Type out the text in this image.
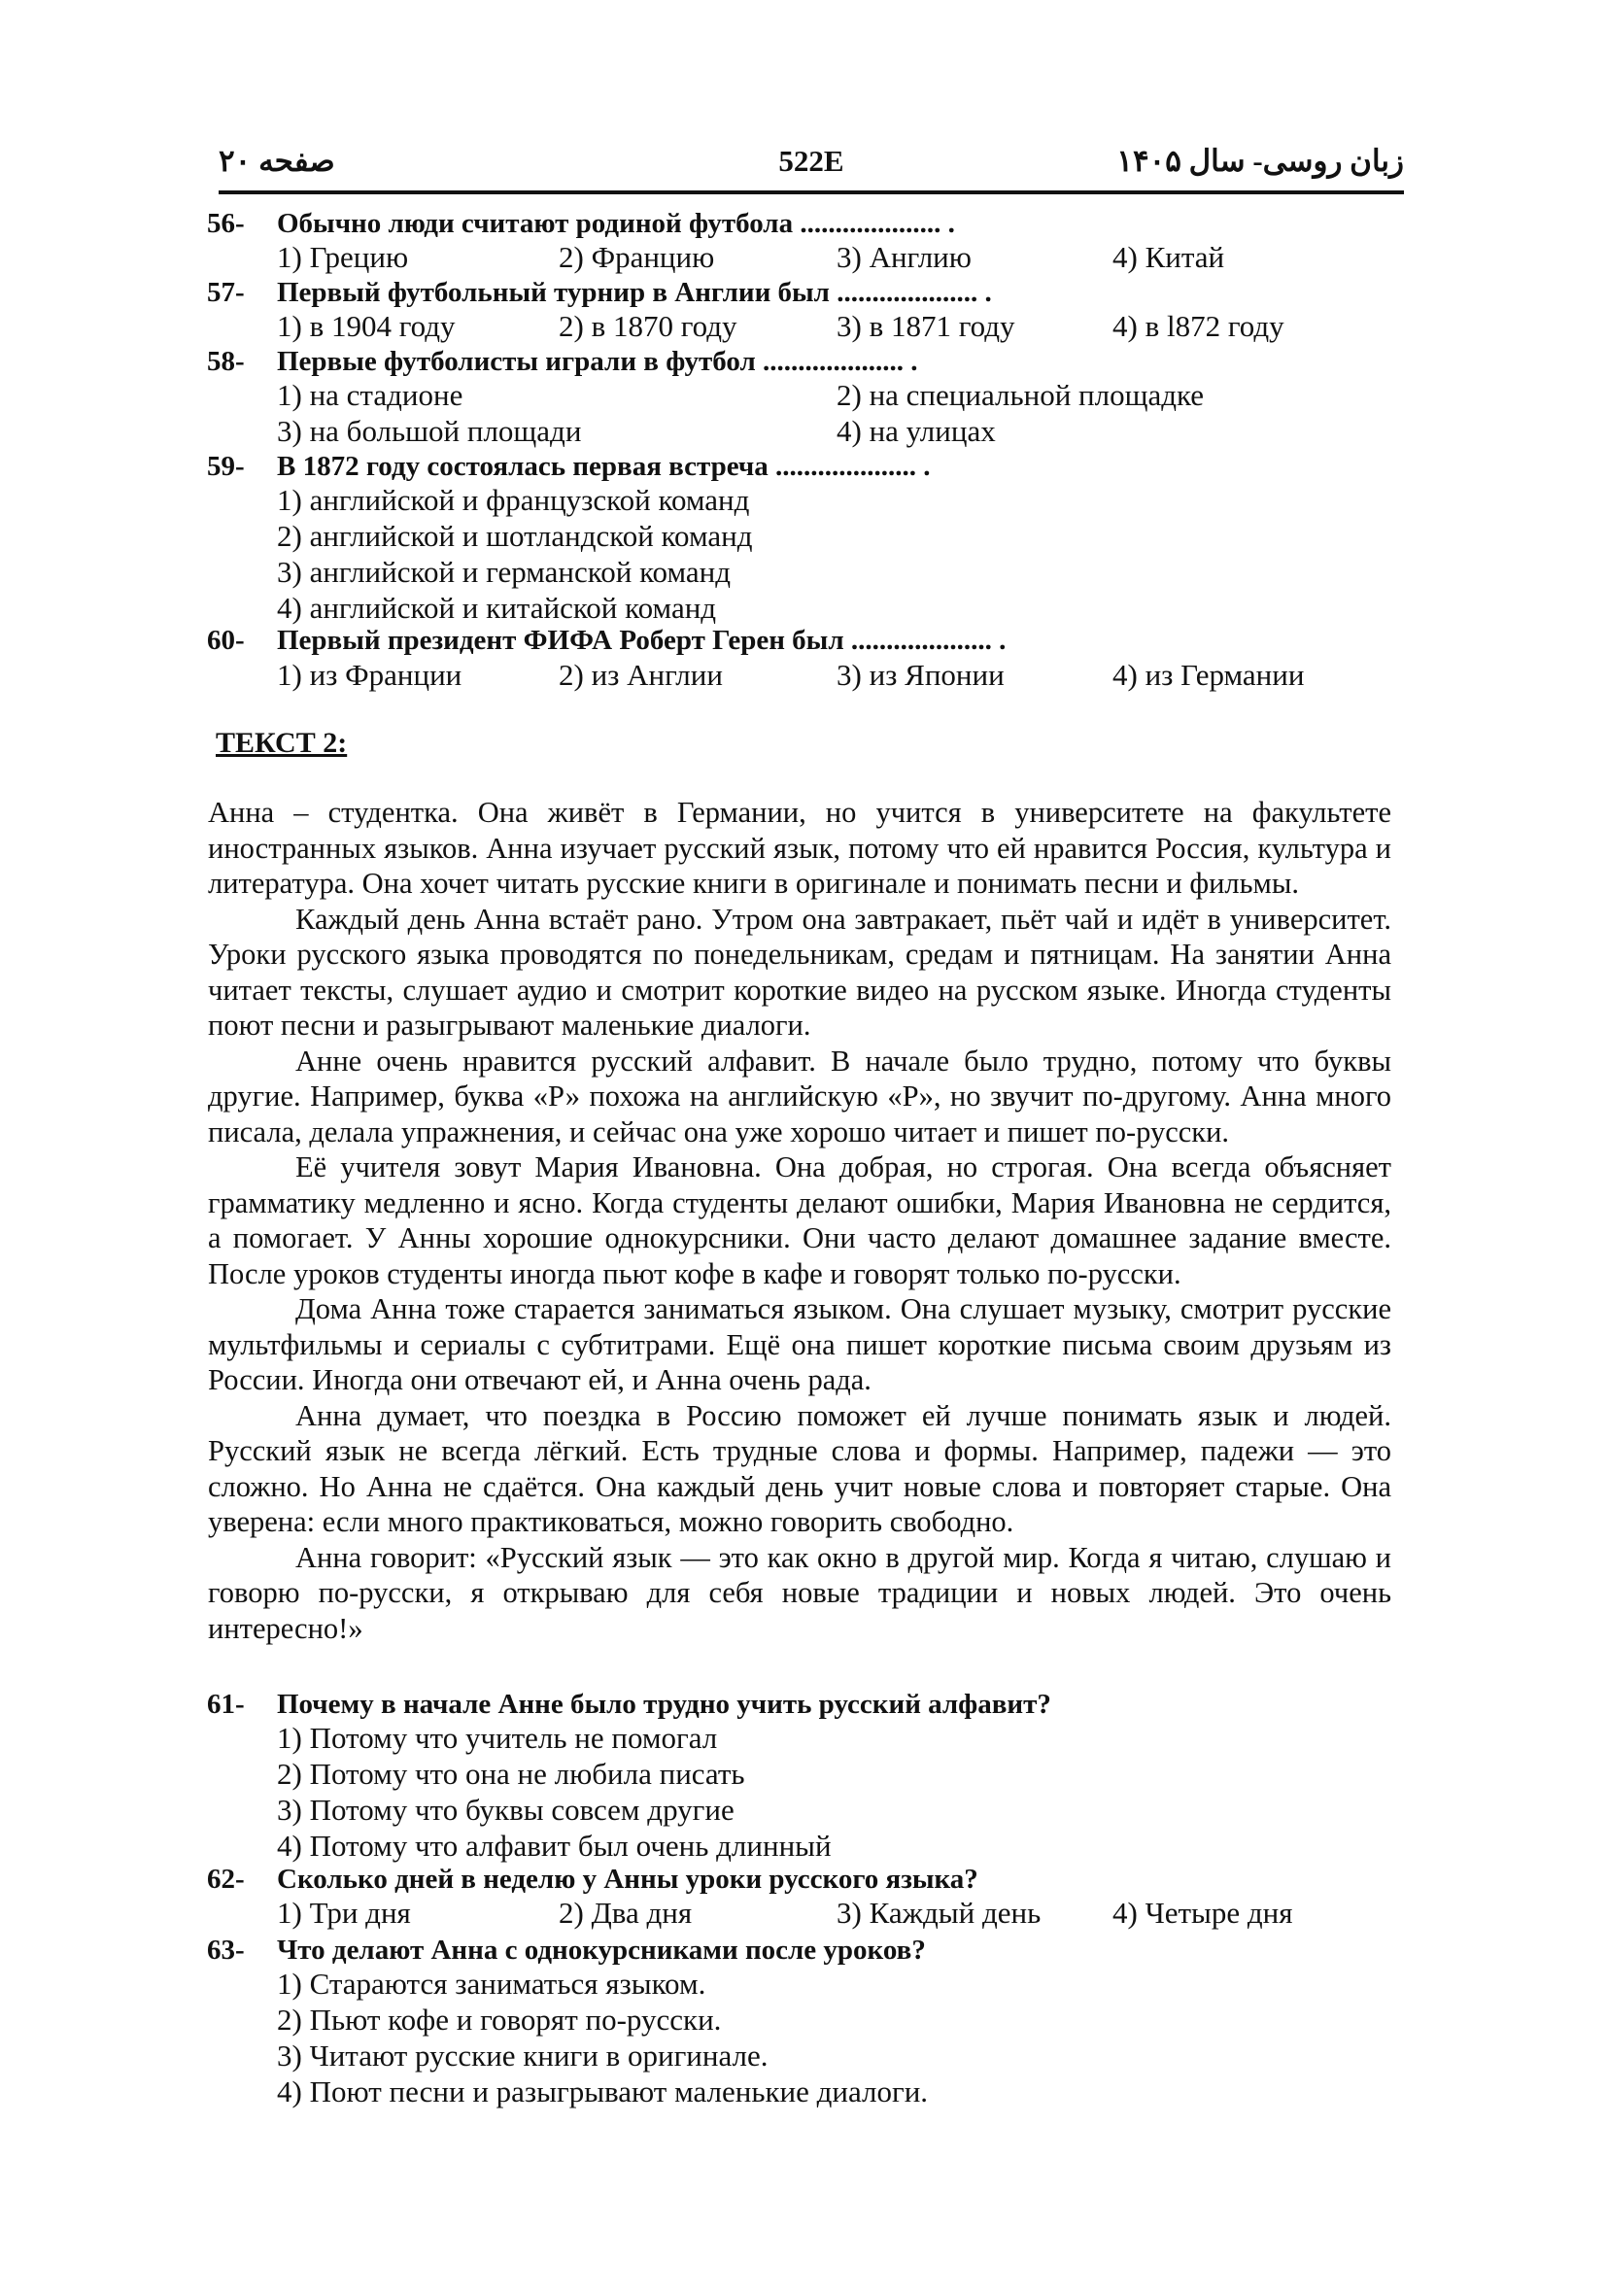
صفحه ۲۰	522E	زبان روسی- سال ۱۴۰۵
56- Обычно люди считают родиной футбола .................... .
1) Грецию	2) Францию	3) Англию	4) Китай
57- Первый футбольный турнир в Англии был .................... .
1) в 1904 году	2) в 1870 году	3) в 1871 году	4) в l872 году
58- Первые футболисты играли в футбол .................... .
1) на стадионе	2) на специальной площадке
3) на большой площади	4) на улицах
59- В 1872 году состоялась первая встреча .................... .
1) английской и французской команд
2) английской и шотландской команд
3) английской и германской команд
4) английской и китайской команд
60- Первый президент ФИФА Роберт Герен был .................... .
1) из Франции	2) из Англии	3) из Японии	4) из Германии
ТЕКСТ 2:

Анна – студентка. Она живёт в Германии, но учится в университете на факультете иностранных языков. Анна изучает русский язык, потому что ей нравится Россия, культура и литература. Она хочет читать русские книги в оригинале и понимать песни и фильмы.

Каждый день Анна встаёт рано. Утром она завтракает, пьёт чай и идёт в университет. Уроки русского языка проводятся по понедельникам, средам и пятницам. На занятии Анна читает тексты, слушает аудио и смотрит короткие видео на русском языке. Иногда студенты поют песни и разыгрывают маленькие диалоги.

Анне очень нравится русский алфавит. В начале было трудно, потому что буквы другие. Например, буква «Р» похожа на английскую «P», но звучит по-другому. Анна много писала, делала упражнения, и сейчас она уже хорошо читает и пишет по-русски.

Её учителя зовут Мария Ивановна. Она добрая, но строгая. Она всегда объясняет грамматику медленно и ясно. Когда студенты делают ошибки, Мария Ивановна не сердится, а помогает. У Анны хорошие однокурсники. Они часто делают домашнее задание вместе. После уроков студенты иногда пьют кофе в кафе и говорят только по-русски.

Дома Анна тоже старается заниматься языком. Она слушает музыку, смотрит русские мультфильмы и сериалы с субтитрами. Ещё она пишет короткие письма своим друзьям из России. Иногда они отвечают ей, и Анна очень рада.

Анна думает, что поездка в Россию поможет ей лучше понимать язык и людей. Русский язык не всегда лёгкий. Есть трудные слова и формы. Например, падежи — это сложно. Но Анна не сдаётся. Она каждый день учит новые слова и повторяет старые. Она уверена: если много практиковаться, можно говорить свободно.

Анна говорит: «Русский язык — это как окно в другой мир. Когда я читаю, слушаю и говорю по-русски, я открываю для себя новые традиции и новых людей. Это очень интересно!»

61- Почему в начале Анне было трудно учить русский алфавит?
1) Потому что учитель не помогал
2) Потому что она не любила писать
3) Потому что буквы совсем другие
4) Потому что алфавит был очень длинный
62- Сколько дней в неделю у Анны уроки русского языка?
1) Три дня	2) Два дня	3) Каждый день 4) Четыре дня
63- Что делают Анна с однокурсниками после уроков?
1) Стараются заниматься языком.
2) Пьют кофе и говорят по-русски.
3) Читают русские книги в оригинале.
4) Поют песни и разыгрывают маленькие диалоги.
